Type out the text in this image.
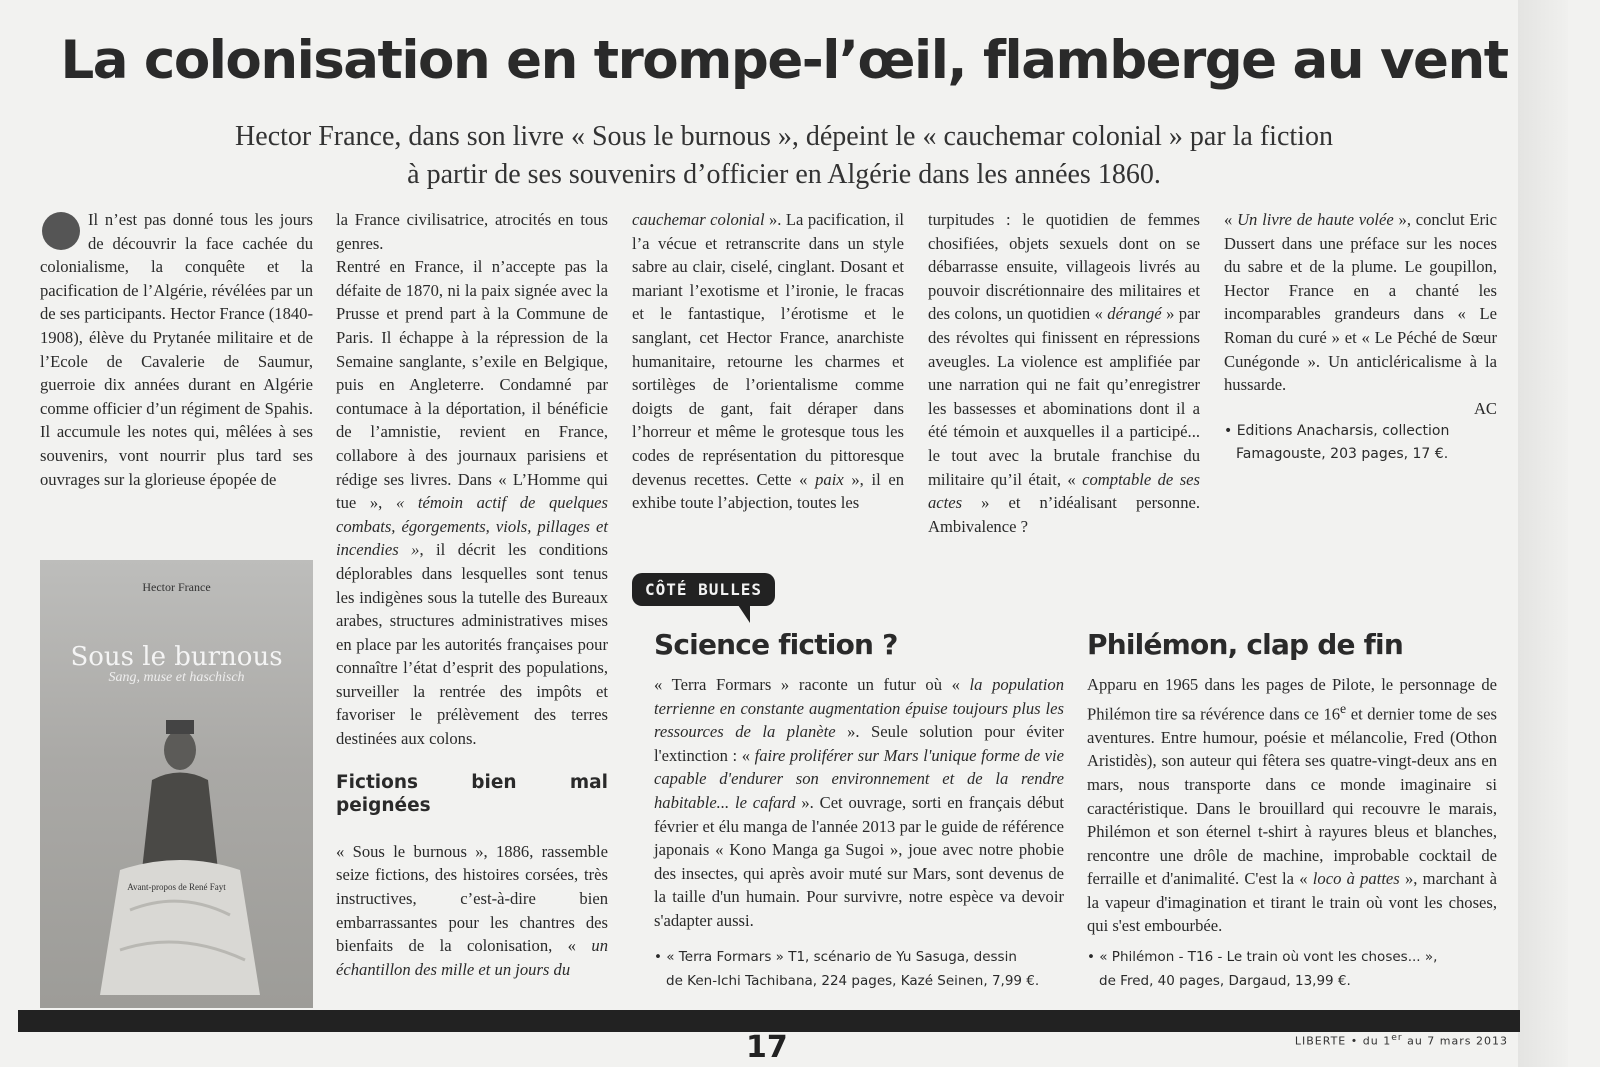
La colonisation en trompe-l’œil, flamberge au vent
Hector France, dans son livre « Sous le burnous », dépeint le « cauchemar colonial » par la fiction
à partir de ses souvenirs d’officier en Algérie dans les années 1860.

Il n’est pas donné tous les jours de découvrir la face cachée du colonialisme, la conquête et la pacification de l’Algérie, révélées par un de ses participants. Hector France (1840-1908), élève du Prytanée militaire et de l’Ecole de Cavalerie de Saumur, guerroie dix années durant en Algérie comme officier d’un régiment de Spahis. Il accumule les notes qui, mêlées à ses souvenirs, vont nourrir plus tard ses ouvrages sur la glorieuse épopée de

Hector France
Sous le burnous
Sang, muse et haschisch
Avant-propos de René Fayt

la France civilisatrice, atrocités en tous genres.

Rentré en France, il n’accepte pas la défaite de 1870, ni la paix signée avec la Prusse et prend part à la Commune de Paris. Il échappe à la répression de la Semaine sanglante, s’exile en Belgique, puis en Angleterre. Condamné par contumace à la déportation, il bénéficie de l’amnistie, revient en France, collabore à des journaux parisiens et rédige ses livres. Dans « L’Homme qui tue », « témoin actif de quelques combats, égorgements, viols, pillages et incendies », il décrit les conditions déplorables dans lesquelles sont tenus les indigènes sous la tutelle des Bureaux arabes, structures administratives mises en place par les autorités françaises pour connaître l’état d’esprit des populations, surveiller la rentrée des impôts et favoriser le prélèvement des terres destinées aux colons.

Fictions bien mal peignées

« Sous le burnous », 1886, rassemble seize fictions, des histoires corsées, très instructives, c’est-à-dire bien embarrassantes pour les chantres des bienfaits de la colonisation, « un échantillon des mille et un jours du

cauchemar colonial ». La pacification, il l’a vécue et retranscrite dans un style sabre au clair, ciselé, cinglant. Dosant et mariant l’exotisme et l’ironie, le fracas et le fantastique, l’érotisme et le sanglant, cet Hector France, anarchiste humanitaire, retourne les charmes et sortilèges de l’orientalisme comme doigts de gant, fait déraper dans l’horreur et même le grotesque tous les codes de représentation du pittoresque devenus recettes. Cette « paix », il en exhibe toute l’abjection, toutes les

turpitudes : le quotidien de femmes chosifiées, objets sexuels dont on se débarrasse ensuite, villageois livrés au pouvoir discrétionnaire des militaires et des colons, un quotidien « dérangé » par des révoltes qui finissent en répressions aveugles. La violence est amplifiée par une narration qui ne fait qu’enregistrer les bassesses et abominations dont il a été témoin et auxquelles il a participé... le tout avec la brutale franchise du militaire qu’il était, « comptable de ses actes » et n’idéalisant personne. Ambivalence ?

« Un livre de haute volée », conclut Eric Dussert dans une préface sur les noces du sabre et de la plume. Le goupillon, Hector France en a chanté les incomparables grandeurs dans « Le Roman du curé » et « Le Péché de Sœur Cunégonde ». Un anticléricalisme à la hussarde.

AC

• Editions Anacharsis, collection Famagouste, 203 pages, 17 €.

CÔTÉ BULLES
Science fiction ?

« Terra Formars » raconte un futur où « la population terrienne en constante augmentation épuise toujours plus les ressources de la planète ». Seule solution pour éviter l'extinction : « faire proliférer sur Mars l'unique forme de vie capable d'endurer son environnement et de la rendre habitable... le cafard ». Cet ouvrage, sorti en français début février et élu manga de l'année 2013 par le guide de référence japonais « Kono Manga ga Sugoi », joue avec notre phobie des insectes, qui après avoir muté sur Mars, sont devenus de la taille d'un humain. Pour survivre, notre espèce va devoir s'adapter aussi.

• « Terra Formars » T1, scénario de Yu Sasuga, dessin
de Ken-Ichi Tachibana, 224 pages, Kazé Seinen, 7,99 €.
Philémon, clap de fin

Apparu en 1965 dans les pages de Pilote, le personnage de Philémon tire sa révérence dans ce 16e et dernier tome de ses aventures. Entre humour, poésie et mélancolie, Fred (Othon Aristidès), son auteur qui fêtera ses quatre-vingt-deux ans en mars, nous transporte dans ce monde imaginaire si caractéristique. Dans le brouillard qui recouvre le marais, Philémon et son éternel t-shirt à rayures bleus et blanches, rencontre une drôle de machine, improbable cocktail de ferraille et d'animalité. C'est la « loco à pattes », marchant à la vapeur d'imagination et tirant le train où vont les choses, qui s'est embourbée.

• « Philémon - T16 - Le train où vont les choses... »,
de Fred, 40 pages, Dargaud, 13,99 €.
17	LIBERTE • du 1er au 7 mars 2013
